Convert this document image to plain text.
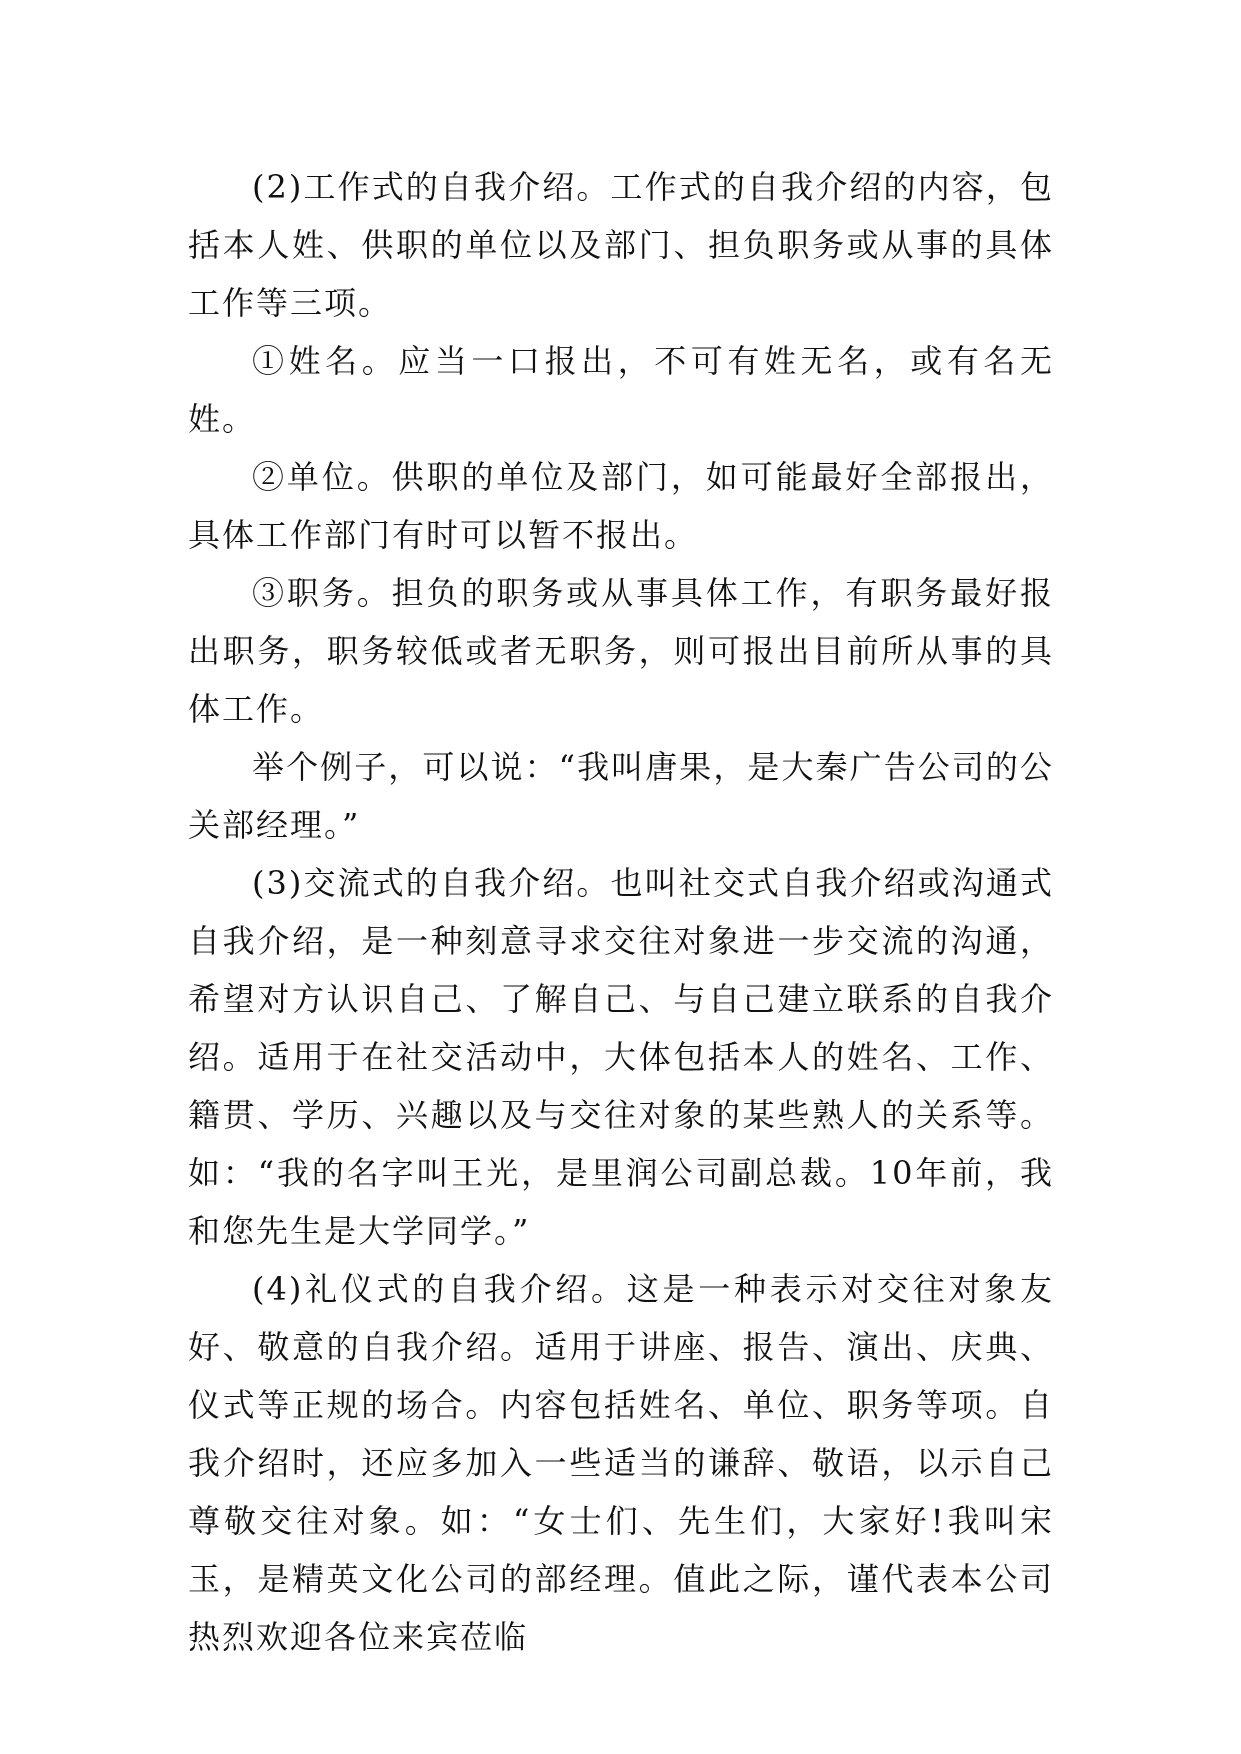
(2)工作式的自我介绍。工作式的自我介绍的内容，包括本人姓、供职的单位以及部门、担负职务或从事的具体工作等三项。

①姓名。应当一口报出，不可有姓无名，或有名无姓。

②单位。供职的单位及部门，如可能最好全部报出，具体工作部门有时可以暂不报出。

③职务。担负的职务或从事具体工作，有职务最好报出职务，职务较低或者无职务，则可报出目前所从事的具体工作。

举个例子，可以说：“我叫唐果，是大秦广告公司的公关部经理。”

(3)交流式的自我介绍。也叫社交式自我介绍或沟通式自我介绍，是一种刻意寻求交往对象进一步交流的沟通，希望对方认识自己、了解自己、与自己建立联系的自我介绍。适用于在社交活动中，大体包括本人的姓名、工作、籍贯、学历、兴趣以及与交往对象的某些熟人的关系等。如：“我的名字叫王光，是里润公司副总裁。10年前，我和您先生是大学同学。”

(4)礼仪式的自我介绍。这是一种表示对交往对象友好、敬意的自我介绍。适用于讲座、报告、演出、庆典、仪式等正规的场合。内容包括姓名、单位、职务等项。自我介绍时，还应多加入一些适当的谦辞、敬语，以示自己尊敬交往对象。如：“女士们、先生们，大家好!我叫宋玉，是精英文化公司的部经理。值此之际，谨代表本公司热烈欢迎各位来宾莅临
